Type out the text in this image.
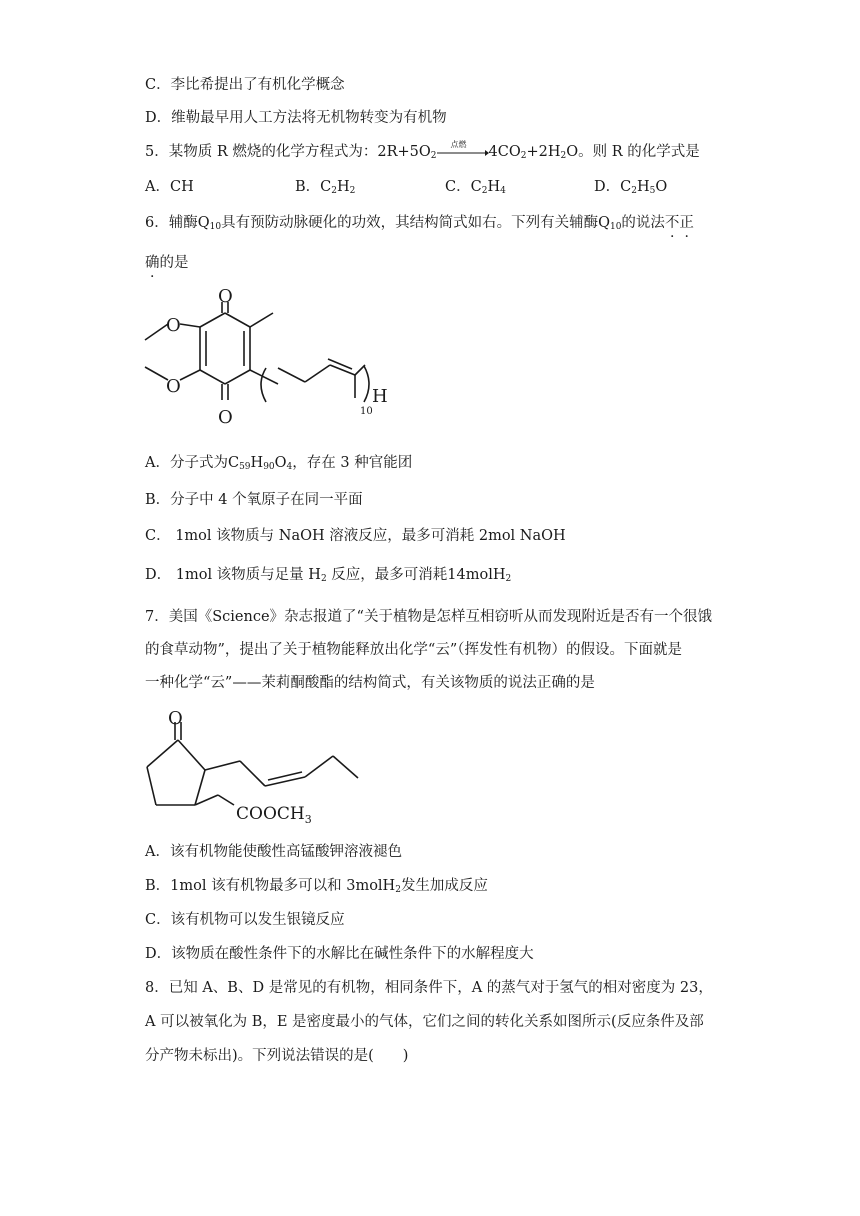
C．李比希提出了有机化学概念
D．维勒最早用人工方法将无机物转变为有机物
5．某物质 R 燃烧的化学方程式为：$2R+5O_2$
点燃 $4CO_2+2H_2O$。则 R 的化学式是
A．CH	B．$C_2H_2$	C．$C_2H_4$	D．$C_2H_5O$
6．辅酶$Q_{10}$具有预防动脉硬化的功效，其结构简式如右。下列有关辅酶$Q_{10}$的说法不正
确的是
O
O
O
O	H
10
A．分子式为$C_{59}H_{90}O_4$，存在 3 种官能团
B．分子中 4 个氧原子在同一平面
C． 1mol 该物质与 NaOH 溶液反应，最多可消耗 2mol NaOH
D． 1mol 该物质与足量 $H_2$ 反应，最多可消耗14molH$_2$
7．美国《Science》杂志报道了“关于植物是怎样互相窃听从而发现附近是否有一个很饿
的食草动物”，提出了关于植物能释放出化学“云”（挥发性有机物）的假设。下面就是
一种化学“云”——茉莉酮酸酯的结构简式，有关该物质的说法正确的是
O
$COOCH_3$
A．该有机物能使酸性高锰酸钾溶液褪色
B．1mol 该有机物最多可以和 3molH$_2$发生加成反应
C．该有机物可以发生银镜反应
D．该物质在酸性条件下的水解比在碱性条件下的水解程度大
8．已知 A、B、D 是常见的有机物，相同条件下，A 的蒸气对于氢气的相对密度为 23，
A 可以被氧化为 B，E 是密度最小的气体，它们之间的转化关系如图所示(反应条件及部
分产物未标出)。下列说法错误的是(　　)
